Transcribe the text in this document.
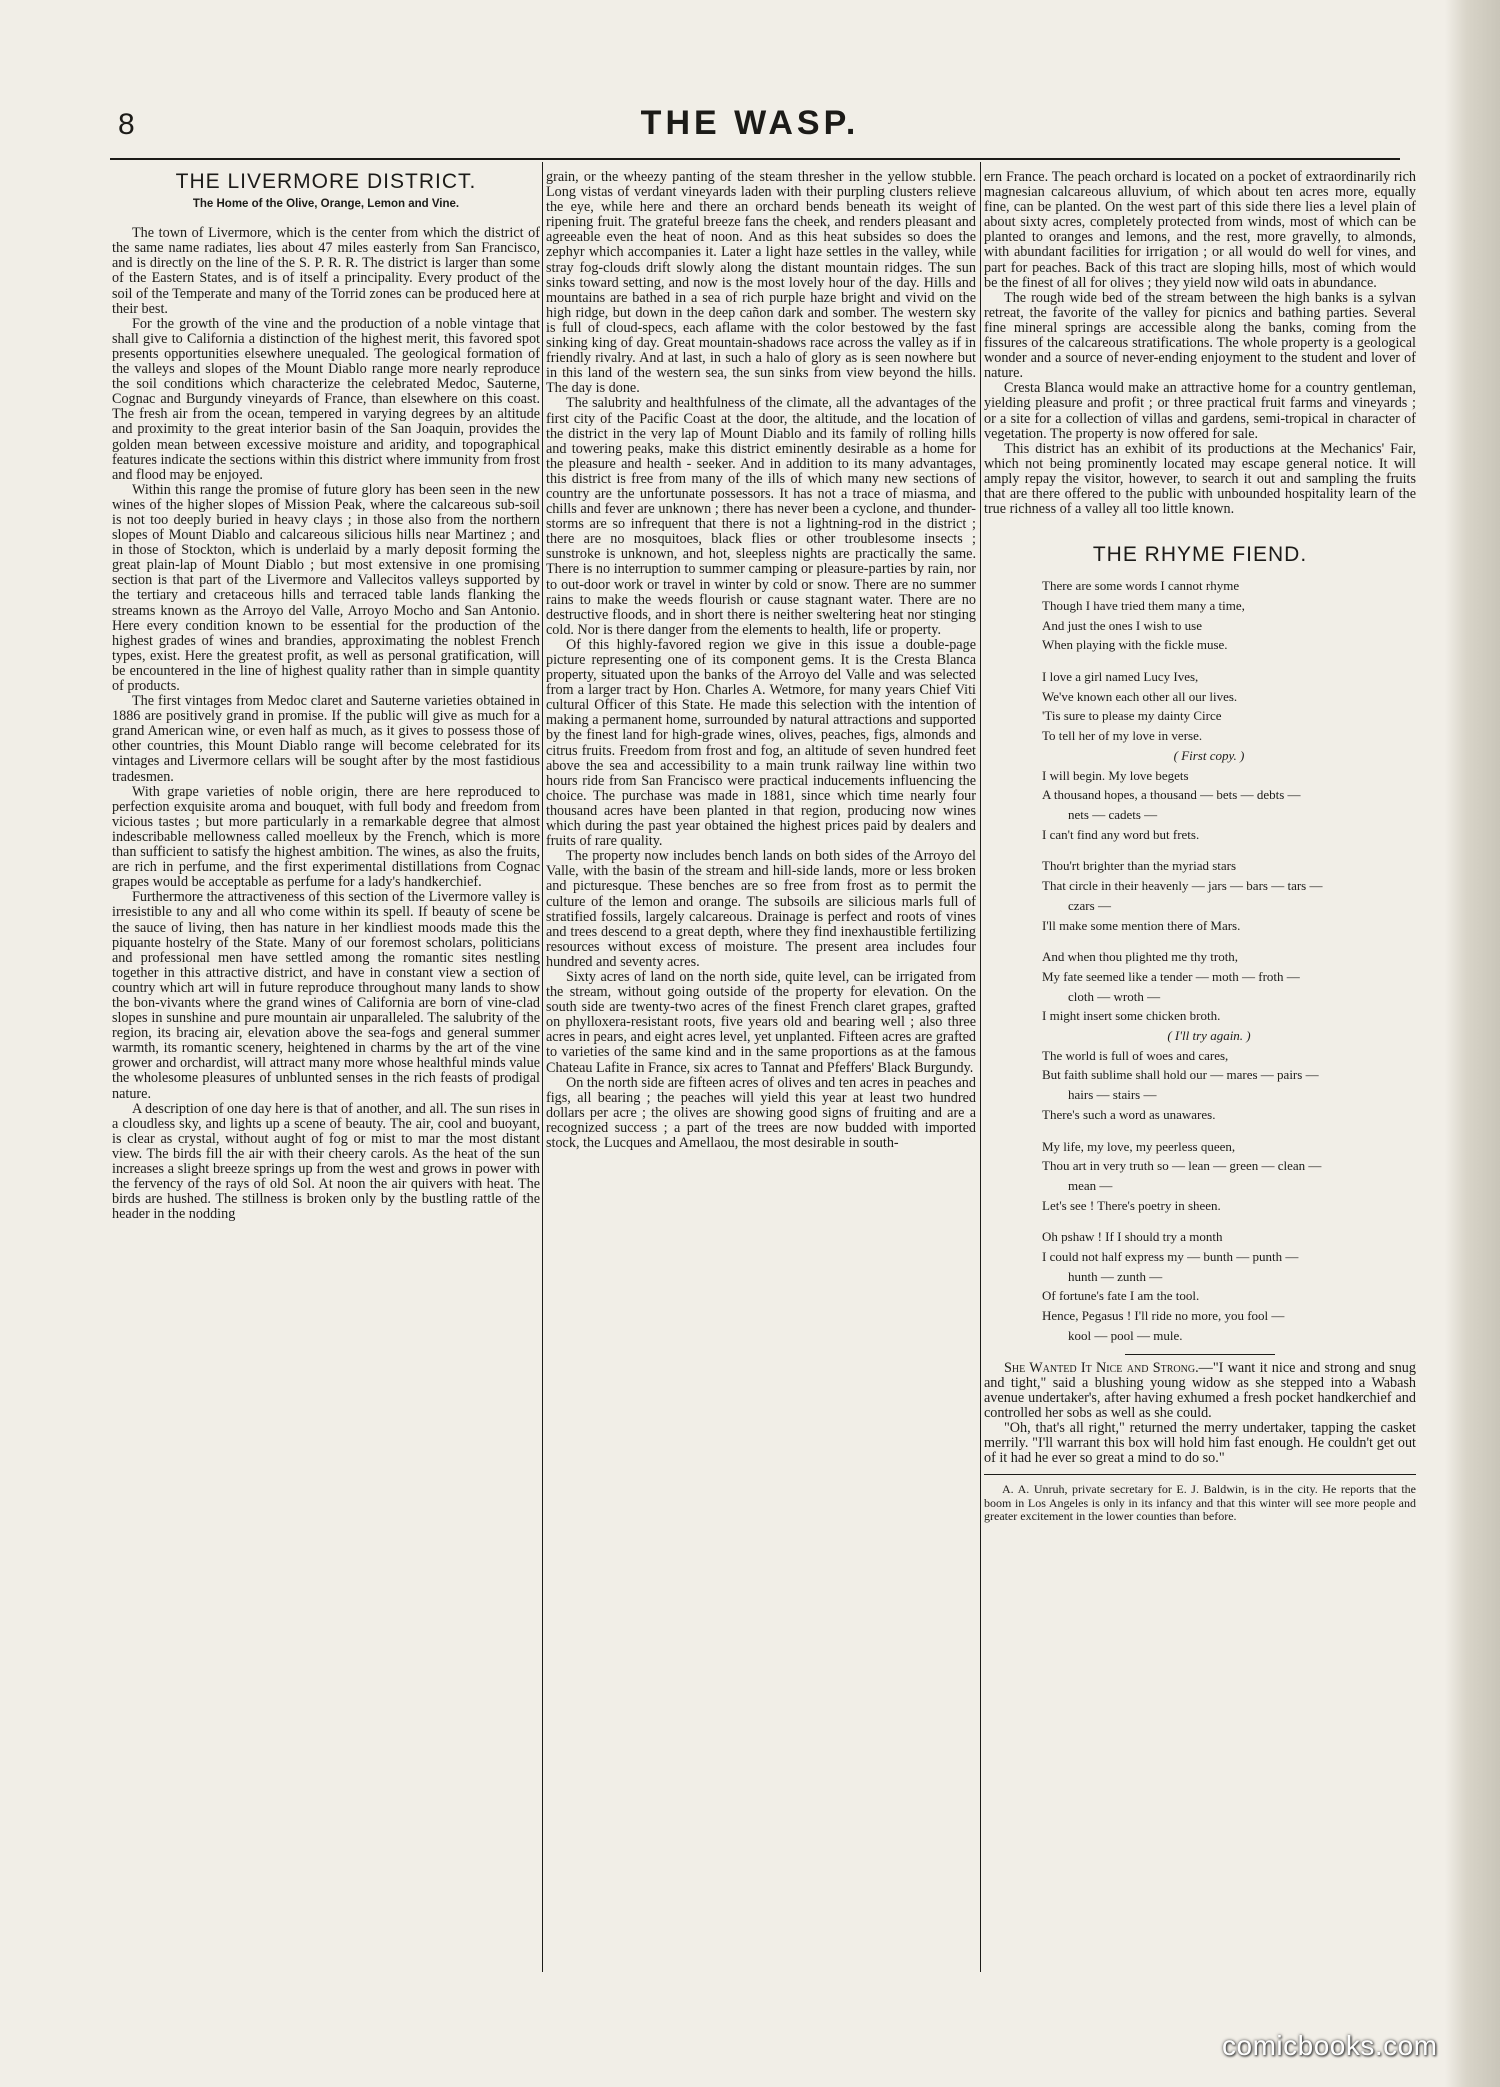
8	THE WASP.
THE LIVERMORE DISTRICT.
The Home of the Olive, Orange, Lemon and Vine.

The town of Livermore, which is the center from which the district of the same name radiates, lies about 47 miles easterly from San Francisco, and is directly on the line of the S. P. R. R. The district is larger than some of the Eastern States, and is of itself a principality. Every product of the soil of the Temperate and many of the Torrid zones can be produced here at their best.

For the growth of the vine and the production of a noble vintage that shall give to California a distinction of the highest merit, this favored spot presents opportunities elsewhere unequaled. The geological formation of the valleys and slopes of the Mount Diablo range more nearly reproduce the soil conditions which characterize the celebrated Medoc, Sauterne, Cognac and Burgundy vineyards of France, than elsewhere on this coast. The fresh air from the ocean, tempered in varying degrees by an altitude and proximity to the great interior basin of the San Joaquin, provides the golden mean between excessive moisture and aridity, and topographical features indicate the sections within this district where immunity from frost and flood may be enjoyed.

Within this range the promise of future glory has been seen in the new wines of the higher slopes of Mission Peak, where the calcareous sub-soil is not too deeply buried in heavy clays ; in those also from the northern slopes of Mount Diablo and calcareous silicious hills near Martinez ; and in those of Stockton, which is underlaid by a marly deposit forming the great plain-lap of Mount Diablo ; but most extensive in one promising section is that part of the Livermore and Vallecitos valleys supported by the tertiary and cretaceous hills and terraced table lands flanking the streams known as the Arroyo del Valle, Arroyo Mocho and San Antonio. Here every condition known to be essential for the production of the highest grades of wines and brandies, approximating the noblest French types, exist. Here the greatest profit, as well as personal gratification, will be encountered in the line of highest quality rather than in simple quantity of products.

The first vintages from Medoc claret and Sauterne varieties obtained in 1886 are positively grand in promise. If the public will give as much for a grand American wine, or even half as much, as it gives to possess those of other countries, this Mount Diablo range will become celebrated for its vintages and Livermore cellars will be sought after by the most fastidious tradesmen.

With grape varieties of noble origin, there are here reproduced to perfection exquisite aroma and bouquet, with full body and freedom from vicious tastes ; but more particularly in a remarkable degree that almost indescribable mellowness called moelleux by the French, which is more than sufficient to satisfy the highest ambition. The wines, as also the fruits, are rich in perfume, and the first experimental distillations from Cognac grapes would be acceptable as perfume for a lady's handkerchief.

Furthermore the attractiveness of this section of the Livermore valley is irresistible to any and all who come within its spell. If beauty of scene be the sauce of living, then has nature in her kindliest moods made this the piquante hostelry of the State. Many of our foremost scholars, politicians and professional men have settled among the romantic sites nestling together in this attractive district, and have in constant view a section of country which art will in future reproduce throughout many lands to show the bon-vivants where the grand wines of California are born of vine-clad slopes in sunshine and pure mountain air unparalleled. The salubrity of the region, its bracing air, elevation above the sea-fogs and general summer warmth, its romantic scenery, heightened in charms by the art of the vine grower and orchardist, will attract many more whose healthful minds value the wholesome pleasures of unblunted senses in the rich feasts of prodigal nature.

A description of one day here is that of another, and all. The sun rises in a cloudless sky, and lights up a scene of beauty. The air, cool and buoyant, is clear as crystal, without aught of fog or mist to mar the most distant view. The birds fill the air with their cheery carols. As the heat of the sun increases a slight breeze springs up from the west and grows in power with the fervency of the rays of old Sol. At noon the air quivers with heat. The birds are hushed. The stillness is broken only by the bustling rattle of the header in the nodding

grain, or the wheezy panting of the steam thresher in the yellow stubble. Long vistas of verdant vineyards laden with their purpling clusters relieve the eye, while here and there an orchard bends beneath its weight of ripening fruit. The grateful breeze fans the cheek, and renders pleasant and agreeable even the heat of noon. And as this heat subsides so does the zephyr which accompanies it. Later a light haze settles in the valley, while stray fog-clouds drift slowly along the distant mountain ridges. The sun sinks toward setting, and now is the most lovely hour of the day. Hills and mountains are bathed in a sea of rich purple haze bright and vivid on the high ridge, but down in the deep cañon dark and somber. The western sky is full of cloud-specs, each aflame with the color bestowed by the fast sinking king of day. Great mountain-shadows race across the valley as if in friendly rivalry. And at last, in such a halo of glory as is seen nowhere but in this land of the western sea, the sun sinks from view beyond the hills. The day is done.

The salubrity and healthfulness of the climate, all the advantages of the first city of the Pacific Coast at the door, the altitude, and the location of the district in the very lap of Mount Diablo and its family of rolling hills and towering peaks, make this district eminently desirable as a home for the pleasure and health - seeker. And in addition to its many advantages, this district is free from many of the ills of which many new sections of country are the unfortunate possessors. It has not a trace of miasma, and chills and fever are unknown ; there has never been a cyclone, and thunder-storms are so infrequent that there is not a lightning-rod in the district ; there are no mosquitoes, black flies or other troublesome insects ; sunstroke is unknown, and hot, sleepless nights are practically the same. There is no interruption to summer camping or pleasure-parties by rain, nor to out-door work or travel in winter by cold or snow. There are no summer rains to make the weeds flourish or cause stagnant water. There are no destructive floods, and in short there is neither sweltering heat nor stinging cold. Nor is there danger from the elements to health, life or property.

Of this highly-favored region we give in this issue a double-page picture representing one of its component gems. It is the Cresta Blanca property, situated upon the banks of the Arroyo del Valle and was selected from a larger tract by Hon. Charles A. Wetmore, for many years Chief Viti cultural Officer of this State. He made this selection with the intention of making a permanent home, surrounded by natural attractions and supported by the finest land for high-grade wines, olives, peaches, figs, almonds and citrus fruits. Freedom from frost and fog, an altitude of seven hundred feet above the sea and accessibility to a main trunk railway line within two hours ride from San Francisco were practical inducements influencing the choice. The purchase was made in 1881, since which time nearly four thousand acres have been planted in that region, producing now wines which during the past year obtained the highest prices paid by dealers and fruits of rare quality.

The property now includes bench lands on both sides of the Arroyo del Valle, with the basin of the stream and hill-side lands, more or less broken and picturesque. These benches are so free from frost as to permit the culture of the lemon and orange. The subsoils are silicious marls full of stratified fossils, largely calcareous. Drainage is perfect and roots of vines and trees descend to a great depth, where they find inexhaustible fertilizing resources without excess of moisture. The present area includes four hundred and seventy acres.

Sixty acres of land on the north side, quite level, can be irrigated from the stream, without going outside of the property for elevation. On the south side are twenty-two acres of the finest French claret grapes, grafted on phylloxera-resistant roots, five years old and bearing well ; also three acres in pears, and eight acres level, yet unplanted. Fifteen acres are grafted to varieties of the same kind and in the same proportions as at the famous Chateau Lafite in France, six acres to Tannat and Pfeffers' Black Burgundy.

On the north side are fifteen acres of olives and ten acres in peaches and figs, all bearing ; the peaches will yield this year at least two hundred dollars per acre ; the olives are showing good signs of fruiting and are a recognized success ; a part of the trees are now budded with imported stock, the Lucques and Amellaou, the most desirable in south-

ern France. The peach orchard is located on a pocket of extraordinarily rich magnesian calcareous alluvium, of which about ten acres more, equally fine, can be planted. On the west part of this side there lies a level plain of about sixty acres, completely protected from winds, most of which can be planted to oranges and lemons, and the rest, more gravelly, to almonds, with abundant facilities for irrigation ; or all would do well for vines, and part for peaches. Back of this tract are sloping hills, most of which would be the finest of all for olives ; they yield now wild oats in abundance.

The rough wide bed of the stream between the high banks is a sylvan retreat, the favorite of the valley for picnics and bathing parties. Several fine mineral springs are accessible along the banks, coming from the fissures of the calcareous stratifications. The whole property is a geological wonder and a source of never-ending enjoyment to the student and lover of nature.

Cresta Blanca would make an attractive home for a country gentleman, yielding pleasure and profit ; or three practical fruit farms and vineyards ; or a site for a collection of villas and gardens, semi-tropical in character of vegetation. The property is now offered for sale.

This district has an exhibit of its productions at the Mechanics' Fair, which not being prominently located may escape general notice. It will amply repay the visitor, however, to search it out and sampling the fruits that are there offered to the public with unbounded hospitality learn of the true richness of a valley all too little known.

THE RHYME FIEND.
There are some words I cannot rhyme
Though I have tried them many a time,
And just the ones I wish to use
When playing with the fickle muse.
I love a girl named Lucy Ives,
We've known each other all our lives.
'Tis sure to please my dainty Circe
To tell her of my love in verse.
( First copy. )
I will begin. My love begets
A thousand hopes, a thousand — bets — debts —
nets — cadets —
I can't find any word but frets.
Thou'rt brighter than the myriad stars
That circle in their heavenly — jars — bars — tars —
czars —
I'll make some mention there of Mars.
And when thou plighted me thy troth,
My fate seemed like a tender — moth — froth —
cloth — wroth —
I might insert some chicken broth.
( I'll try again. )
The world is full of woes and cares,
But faith sublime shall hold our — mares — pairs —
hairs — stairs —
There's such a word as unawares.
My life, my love, my peerless queen,
Thou art in very truth so — lean — green — clean —
mean —
Let's see ! There's poetry in sheen.
Oh pshaw ! If I should try a month
I could not half express my — bunth — punth —
hunth — zunth —
Of fortune's fate I am the tool.
Hence, Pegasus ! I'll ride no more, you fool —
kool — pool — mule.

She Wanted It Nice and Strong.—"I want it nice and strong and snug and tight," said a blushing young widow as she stepped into a Wabash avenue undertaker's, after having exhumed a fresh pocket handkerchief and controlled her sobs as well as she could.

"Oh, that's all right," returned the merry undertaker, tapping the casket merrily. "I'll warrant this box will hold him fast enough. He couldn't get out of it had he ever so great a mind to do so."

A. A. Unruh, private secretary for E. J. Baldwin, is in the city. He reports that the boom in Los Angeles is only in its infancy and that this winter will see more people and greater excitement in the lower counties than before.

comicbooks.com
